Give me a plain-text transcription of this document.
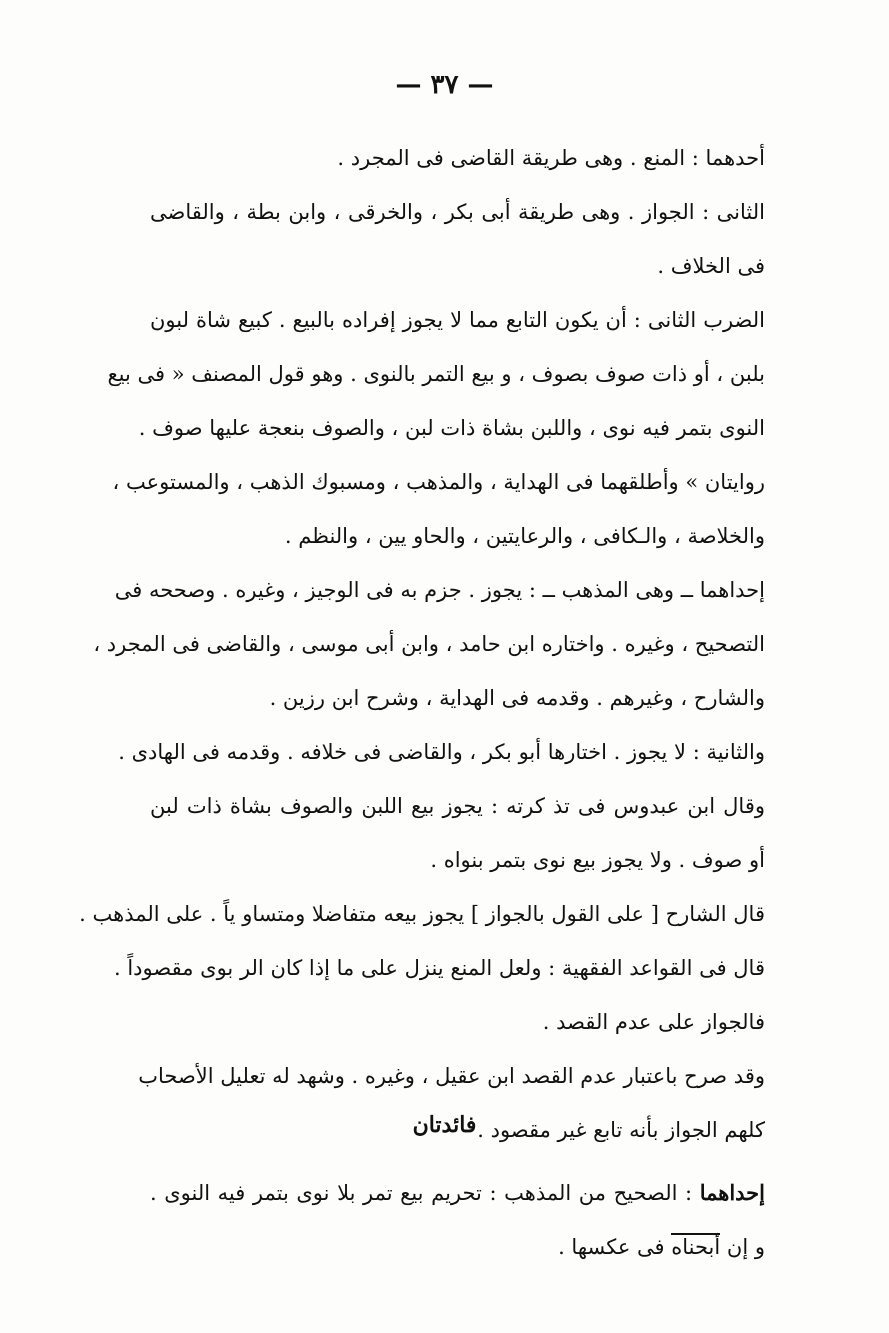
— ٣٧ —
أحدهما : المنع . وهى طريقة القاضى فى المجرد .
الثانى : الجواز . وهى طريقة أبى بكر ، والخرقى ، وابن بطة ، والقاضى
فى الخلاف .
الضرب الثانى : أن يكون التابع مما لا يجوز إفراده بالبيع . كبيع شاة لبون
بلبن ، أو ذات صوف بصوف ، و بيع التمر بالنوى . وهو قول المصنف « فى بيع
النوى بتمر فيه نوى ، واللبن بشاة ذات لبن ، والصوف بنعجة عليها صوف .
روايتان » وأطلقهما فى الهداية ، والمذهب ، ومسبوك الذهب ، والمستوعب ،
والخلاصة ، والـكافى ، والرعايتين ، والحاو يين ، والنظم .
إحداهما ــ وهى المذهب ــ : يجوز . جزم به فى الوجيز ، وغيره . وصححه فى
التصحيح ، وغيره . واختاره ابن حامد ، وابن أبى موسى ، والقاضى فى المجرد ،
والشارح ، وغيرهم . وقدمه فى الهداية ، وشرح ابن رزين .
والثانية : لا يجوز . اختارها أبو بكر ، والقاضى فى خلافه . وقدمه فى الهادى .
وقال ابن عبدوس فى تذ كرته : يجوز بيع اللبن والصوف بشاة ذات لبن
أو صوف . ولا يجوز بيع نوى بتمر بنواه .
قال الشارح [ على القول بالجواز ] يجوز بيعه متفاضلا ومتساو ياً . على المذهب .
قال فى القواعد الفقهية : ولعل المنع ينزل على ما إذا كان الر بوى مقصوداً .
فالجواز على عدم القصد .
وقد صرح باعتبار عدم القصد ابن عقيل ، وغيره . وشهد له تعليل الأصحاب
كلهم الجواز بأنه تابع غير مقصود .
فائدتان
إحداهما : الصحيح من المذهب : تحريم بيع تمر بلا نوى بتمر فيه النوى .
و إن أبحناه فى عكسها .
